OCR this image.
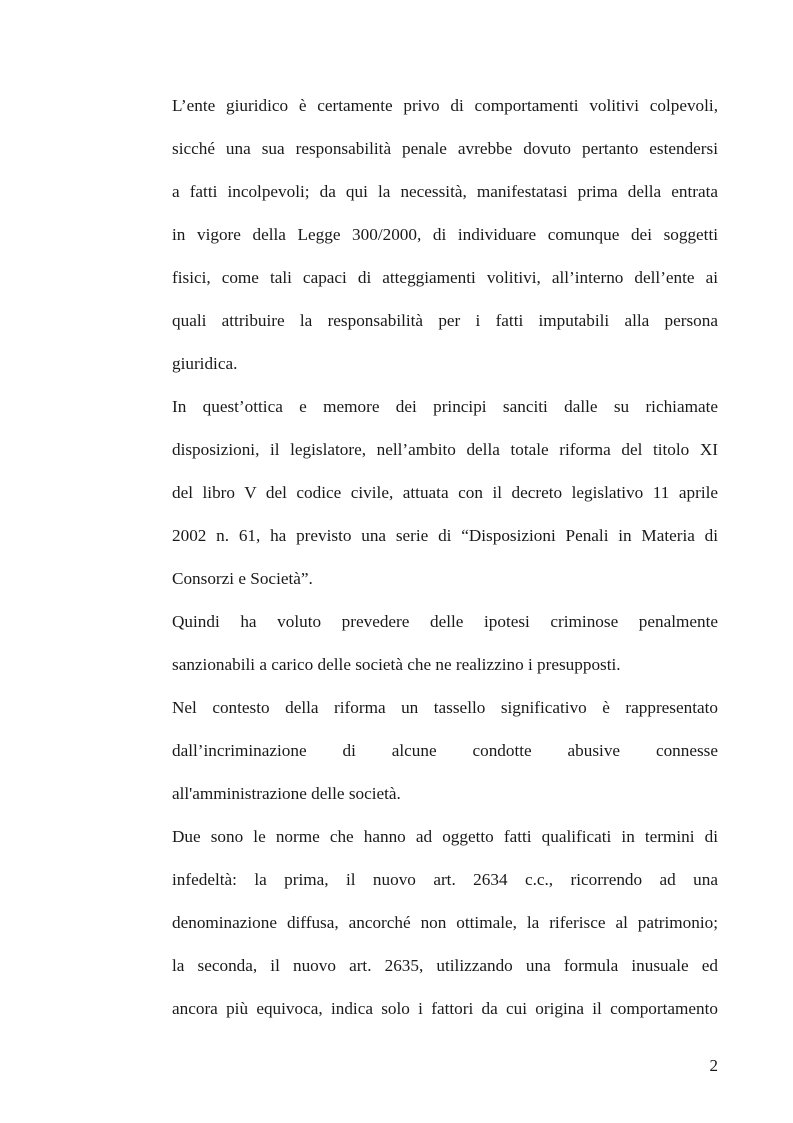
L’ente giuridico è certamente privo di comportamenti volitivi colpevoli,
sicché una sua responsabilità penale avrebbe dovuto pertanto estendersi
a fatti incolpevoli; da qui la necessità, manifestatasi prima della entrata
in vigore della Legge 300/2000, di individuare comunque dei soggetti
fisici, come tali capaci di atteggiamenti volitivi, all’interno dell’ente ai
quali attribuire la responsabilità per i fatti imputabili alla persona
giuridica.
In quest’ottica e memore dei principi sanciti dalle su richiamate
disposizioni, il legislatore, nell’ambito della totale riforma del titolo XI
del libro V del codice civile, attuata con il decreto legislativo 11 aprile
2002 n. 61, ha previsto una serie di “Disposizioni Penali in Materia di
Consorzi e Società”.
Quindi ha voluto prevedere delle ipotesi criminose penalmente
sanzionabili a carico delle società che ne realizzino i presupposti.
Nel contesto della riforma un tassello significativo è rappresentato
dall’incriminazione di alcune condotte abusive connesse
all'amministrazione delle società.
Due sono le norme che hanno ad oggetto fatti qualificati in termini di
infedeltà: la prima, il nuovo art. 2634 c.c., ricorrendo ad una
denominazione diffusa, ancorché non ottimale, la riferisce al patrimonio;
la seconda, il nuovo art. 2635, utilizzando una formula inusuale ed
ancora più equivoca, indica solo i fattori da cui origina il comportamento
2
